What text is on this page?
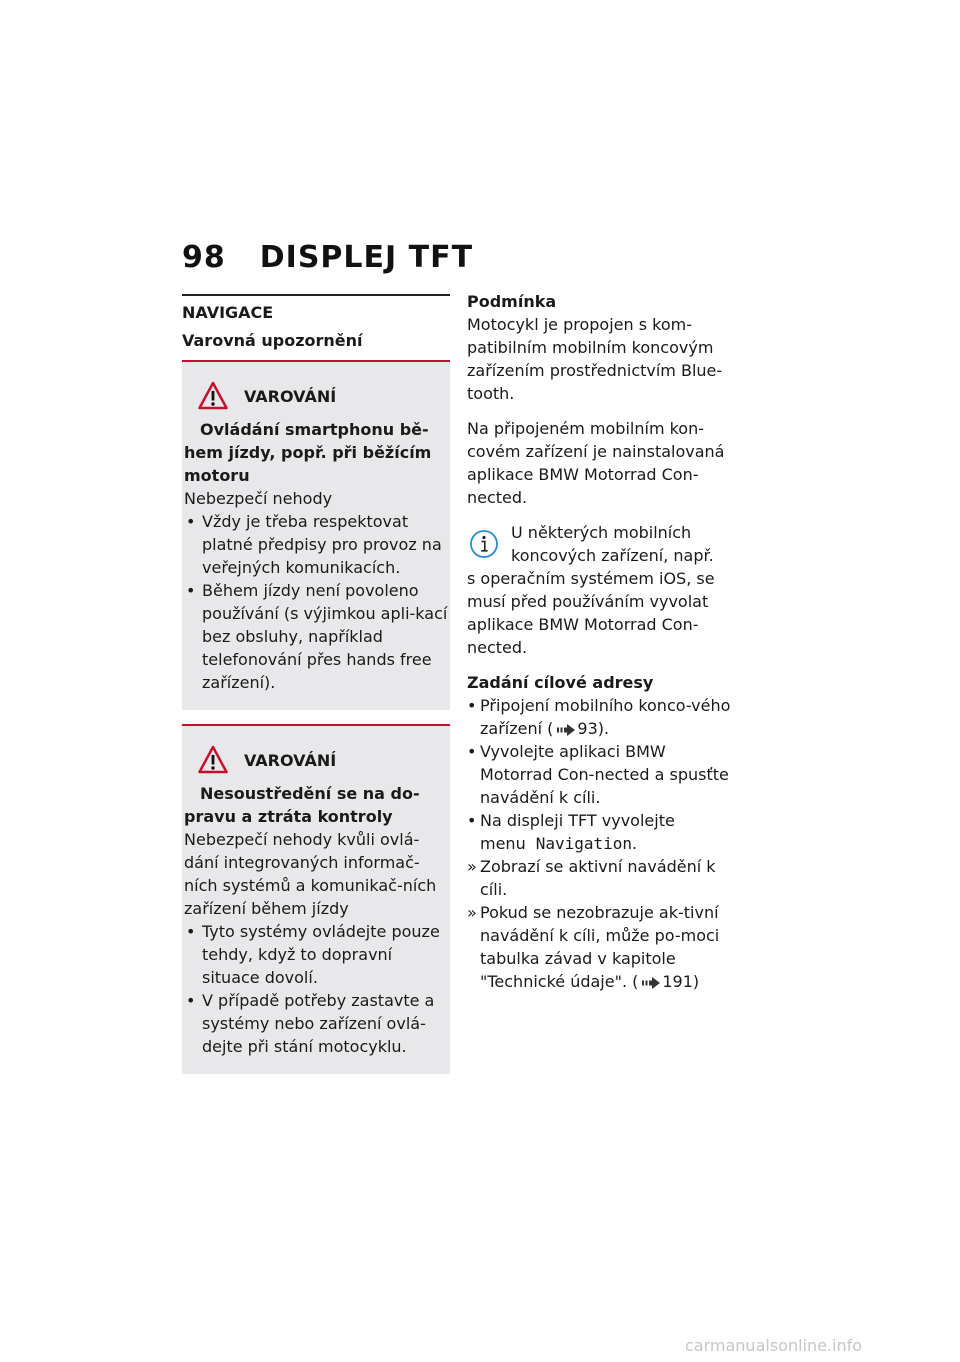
98 DISPLEJ TFT
NAVIGACE
Varovná upozornění
VAROVÁNÍ
Ovládání smartphonu bě-
hem jízdy, popř. při běžícím motoru
Nebezpečí nehody
• Vždy je třeba respektovat platné předpisy pro provoz na veřejných komunikacích.
• Během jízdy není povoleno používání (s výjimkou apli-kací bez obsluhy, například telefonování přes hands free zařízení).
VAROVÁNÍ
Nesoustředění se na do-
pravu a ztráta kontroly
Nebezpečí nehody kvůli ovlá-dání integrovaných informač-ních systémů a komunikač-ních zařízení během jízdy
• Tyto systémy ovládejte pouze tehdy, když to dopravní situace dovolí.
• V případě potřeby zastavte a systémy nebo zařízení ovlá-dejte při stání motocyklu.
Podmínka

Motocykl je propojen s kom-patibilním mobilním koncovým zařízením prostřednictvím Blue-tooth.

Na připojeném mobilním kon-covém zařízení je nainstalovaná aplikace BMW Motorrad Con-nected.

U některých mobilních
koncových zařízení, např.
s operačním systémem iOS, se musí před používáním vyvolat aplikace BMW Motorrad Con-nected.
Zadání cílové adresy
• Připojení mobilního konco-vého zařízení ( 93).
• Vyvolejte aplikaci BMW Motorrad Con-nected a spusťte navádění k cíli.
• Na displeji TFT vyvolejte menu Navigation.
» Zobrazí se aktivní navádění k cíli.
» Pokud se nezobrazuje ak-tivní navádění k cíli, může po-moci tabulka závad v kapitole "Technické údaje". ( 191)
carmanualsonline.info
